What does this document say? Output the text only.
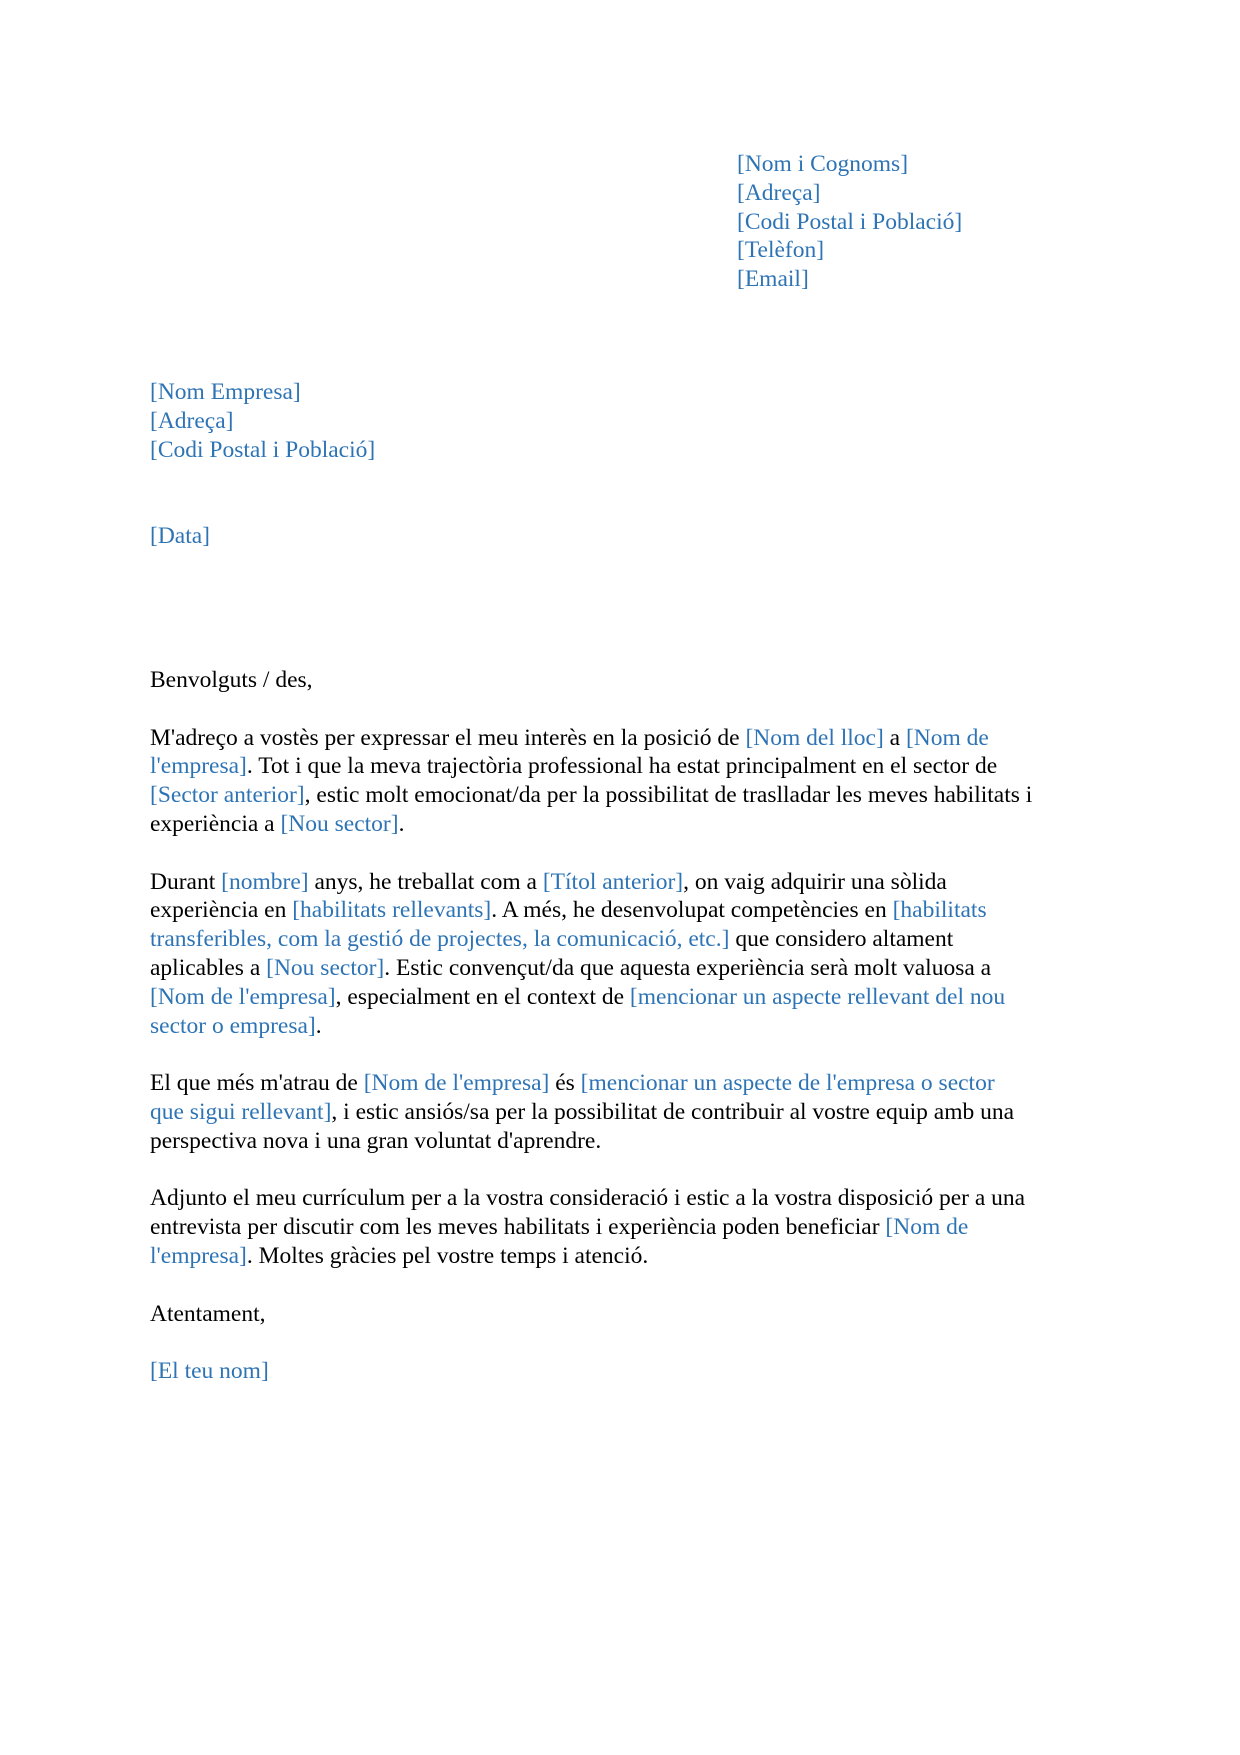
[Nom i Cognoms]
[Adreça]
[Codi Postal i Població]
[Telèfon]
[Email]
[Nom Empresa]
[Adreça]
[Codi Postal i Població]
[Data]
Benvolguts / des,
M'adreço a vostès per expressar el meu interès en la posició de [Nom del lloc] a [Nom de
l'empresa]. Tot i que la meva trajectòria professional ha estat principalment en el sector de
[Sector anterior], estic molt emocionat/da per la possibilitat de traslladar les meves habilitats i
experiència a [Nou sector].
Durant [nombre] anys, he treballat com a [Títol anterior], on vaig adquirir una sòlida
experiència en [habilitats rellevants]. A més, he desenvolupat competències en [habilitats
transferibles, com la gestió de projectes, la comunicació, etc.] que considero altament
aplicables a [Nou sector]. Estic convençut/da que aquesta experiència serà molt valuosa a
[Nom de l'empresa], especialment en el context de [mencionar un aspecte rellevant del nou
sector o empresa].
El que més m'atrau de [Nom de l'empresa] és [mencionar un aspecte de l'empresa o sector
que sigui rellevant], i estic ansiós/sa per la possibilitat de contribuir al vostre equip amb una
perspectiva nova i una gran voluntat d'aprendre.
Adjunto el meu currículum per a la vostra consideració i estic a la vostra disposició per a una
entrevista per discutir com les meves habilitats i experiència poden beneficiar [Nom de
l'empresa]. Moltes gràcies pel vostre temps i atenció.
Atentament,
[El teu nom]
